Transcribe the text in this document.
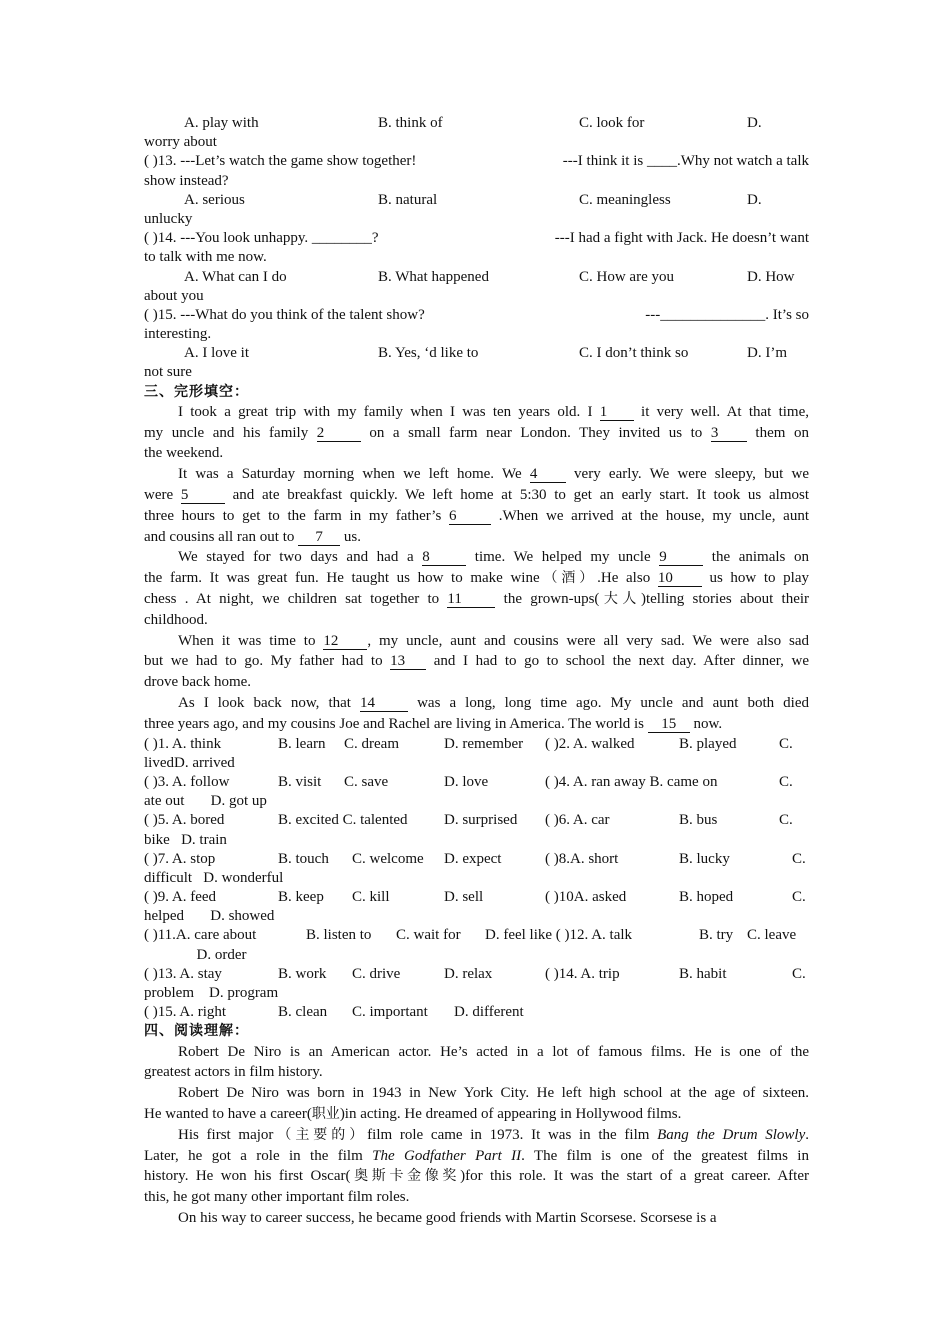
A. play with	B. think of	C. look for	D.
worry about
( )13. ---Let’s watch the game show together!	---I think it is ____.Why not watch a talk
show instead?
A. serious	B. natural	C. meaningless	D.
unlucky
( )14. ---You look unhappy. ________?	---I had a fight with Jack. He doesn’t want
to talk with me now.
A. What can I do	B. What happened	C. How are you	D. How
about you
( )15. ---What do you think of the talent show?	---______________. It’s so
interesting.
A. I love it	B. Yes, ‘d like to	C. I don’t think so	D. I’m
not sure
三、完形填空：
I took a great trip with my family when I was ten years old. I 1 it very well. At that time,
my uncle and his family 2 on a small farm near London. They invited us to 3 them on
the weekend.
It was a Saturday morning when we left home. We 4 very early. We were sleepy, but we
were 5 and ate breakfast quickly. We left home at 5:30 to get an early start. It took us almost
three hours to get to the farm in my father’s 6 .When we arrived at the house, my uncle, aunt
and cousins all ran out to 7 us.
We stayed for two days and had a 8 time. We helped my uncle 9 the animals on
the farm. It was great fun. He taught us how to make wine（酒）.He also 10 us how to play
chess . At night, we children sat together to 11 the grown-ups(大人)telling stories about their
childhood.
When it was time to 12 , my uncle, aunt and cousins were all very sad. We were also sad
but we had to go. My father had to 13 and I had to go to school the next day. After dinner, we
drove back home.
As I look back now, that 14 was a long, long time ago. My uncle and aunt both died
three years ago, and my cousins Joe and Rachel are living in America. The world is 15 now.
( )1. A. think	B. learn C. dream	D. remember ( )2. A. walked	B. played	C.
livedD. arrived
( )3. A. follow	B. visit C. save	D. love	( )4. A. ran away B. came on	C.
ate out       D. got up
( )5. A. bored	B. excited C. talented D. surprised ( )6. A. car	B. bus	C.
bike   D. train
( )7. A. stop	B. touch C. welcome D. expect	( )8.A. short	B. lucky	C.
difficult   D. wonderful
( )9. A. feed	B. keep C. kill	D. sell	( )10A. asked	B. hoped	C.
helped       D. showed
( )11.A. care about	B. listen to C. wait for D. feel like ( )12. A. talk	B. try C. leave
D. order
( )13. A. stay	B. work C. drive	D. relax	( )14. A. trip	B. habit	C.
problem    D. program
( )15. A. right	B. clean C. important D. different
四、阅读理解：
Robert De Niro is an American actor. He’s acted in a lot of famous films. He is one of the
greatest actors in film history.
Robert De Niro was born in 1943 in New York City. He left high school at the age of sixteen.
He wanted to have a career(职业)in acting. He dreamed of appearing in Hollywood films.
His first major（主要的）film role came in 1973. It was in the film Bang the Drum Slowly.
Later, he got a role in the film The Godfather Part II. The film is one of the greatest films in
history. He won his first Oscar(奥斯卡金像奖)for this role. It was the start of a great career. After
this, he got many other important film roles.
On his way to career success, he became good friends with Martin Scorsese. Scorsese is a
